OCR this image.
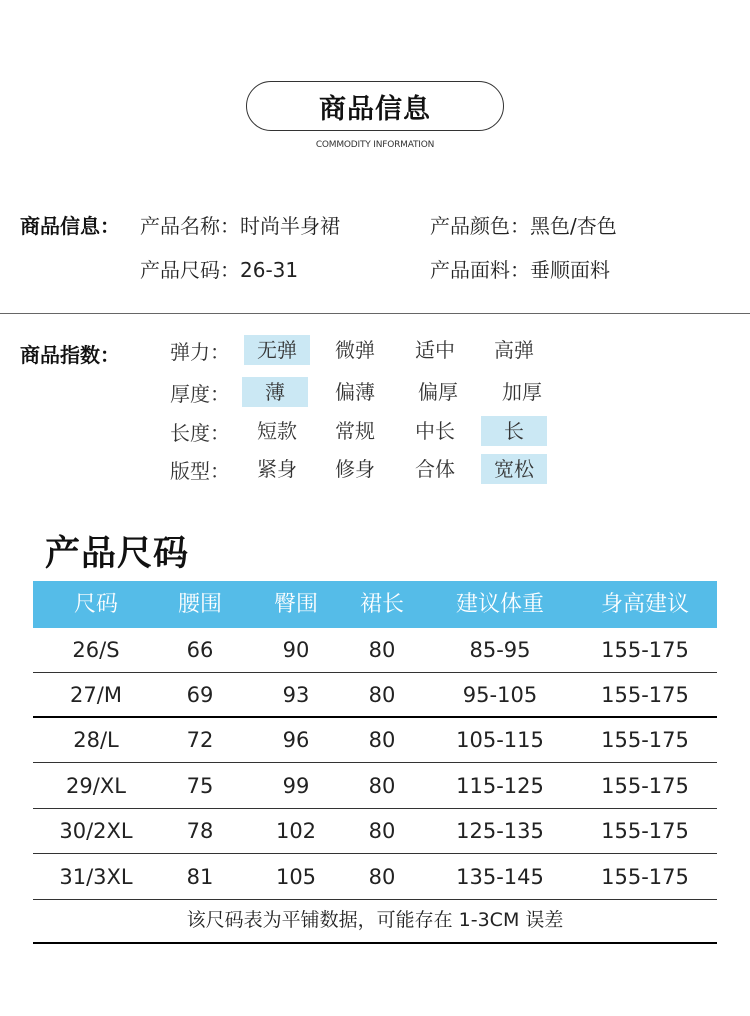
商品信息
COMMODITY INFORMATION
商品信息： 产品名称：时尚半身裙	产品颜色：黑色/杏色
产品尺码：26-31	产品面料：垂顺面料
商品指数：	弹力：	无弹	微弹	适中	高弹
厚度：	薄	偏薄	偏厚	加厚
长度：	短款	常规	中长	长
版型：	紧身	修身	合体	宽松
产品尺码
尺码	腰围	臀围	裙长	建议体重	身高建议
26/S	66	90	80	85-95	155-175
27/M	69	93	80	95-105	155-175
28/L	72	96	80	105-115	155-175
29/XL	75	99	80	115-125	155-175
30/2XL	78	102	80	125-135	155-175
31/3XL	81	105	80	135-145	155-175
该尺码表为平铺数据，可能存在 1-3CM 误差
